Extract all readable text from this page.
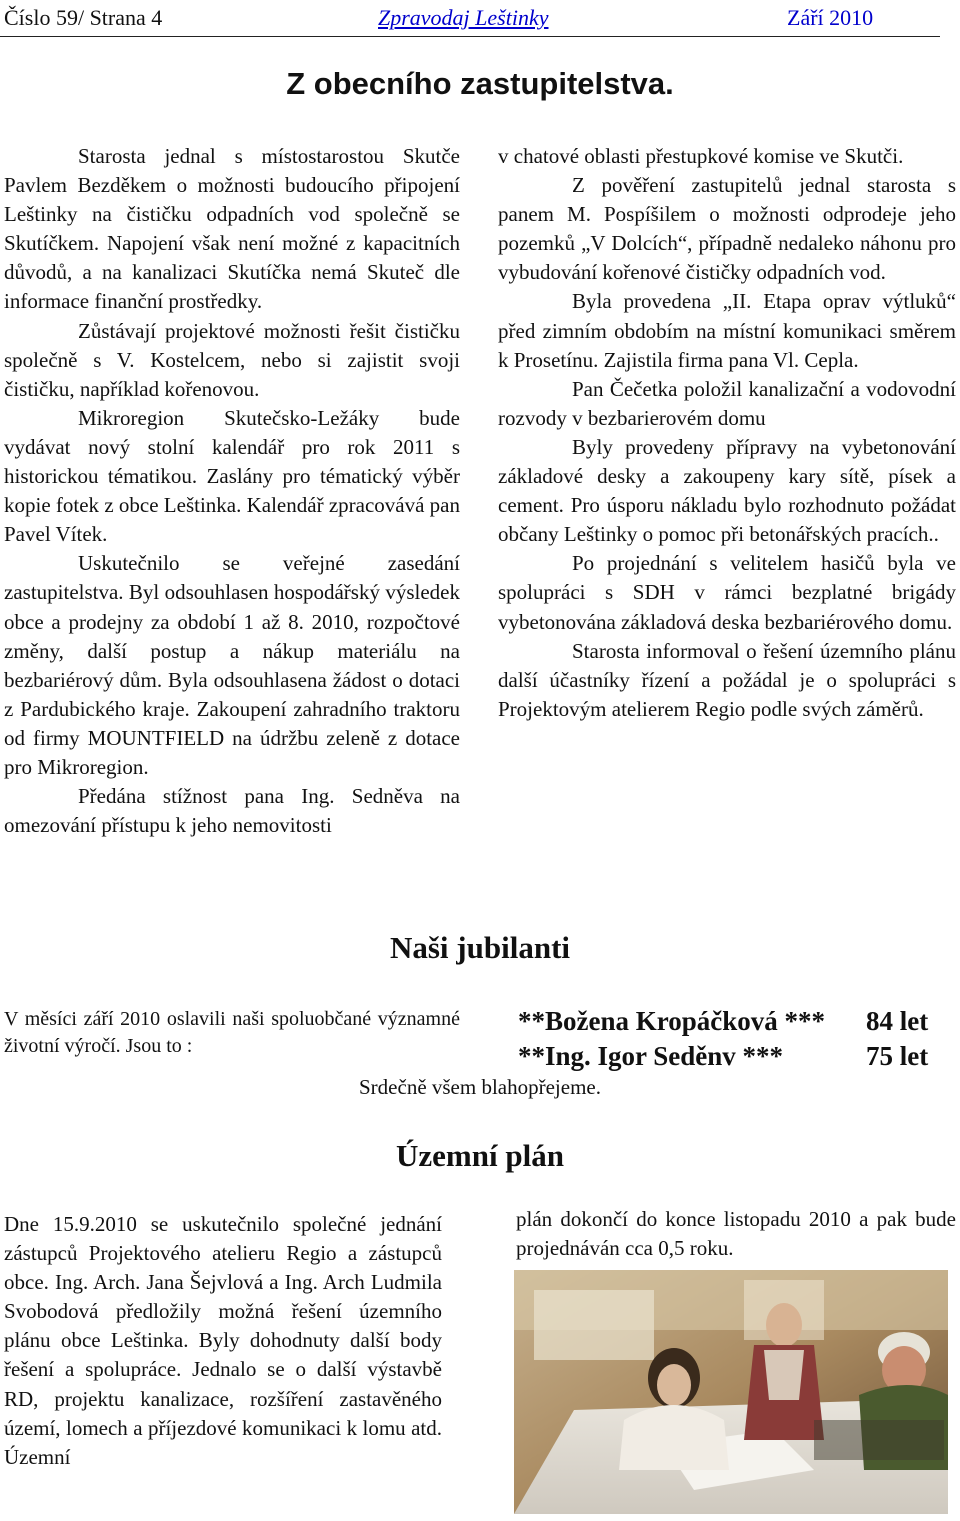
Číslo 59/ Strana 4	Zpravodaj Leštinky	Září 2010
Z obecního zastupitelstva.

Starosta jednal s místostarostou Skutče Pavlem Bezděkem o možnosti budoucího připojení Leštinky na čističku odpadních vod společně se Skutíčkem. Napojení však není možné z kapacitních důvodů, a na kanalizaci Skutíčka nemá Skuteč dle informace finanční prostředky.

Zůstávají projektové možnosti řešit čističku společně s V. Kostelcem, nebo si zajistit svoji čističku, například kořenovou.

Mikroregion Skutečsko-Ležáky bude vydávat nový stolní kalendář pro rok 2011 s historickou tématikou. Zaslány pro tématický výběr kopie fotek z obce Leštinka. Kalendář zpracovává pan Pavel Vítek.

Uskutečnilo se veřejné zasedání zastupitelstva. Byl odsouhlasen hospodářský výsledek obce a prodejny za období 1 až 8. 2010, rozpočtové změny, další postup a nákup materiálu na bezbariérový dům. Byla odsouhlasena žádost o dotaci z Pardubického kraje. Zakoupení zahradního traktoru od firmy MOUNTFIELD na údržbu zeleně z dotace pro Mikroregion.

Předána stížnost pana Ing. Sedněva na omezování přístupu k jeho nemovitosti

v chatové oblasti přestupkové komise ve Skutči.

Z pověření zastupitelů jednal starosta s panem M. Pospíšilem o možnosti odprodeje jeho pozemků „V Dolcích“, případně nedaleko náhonu pro vybudování kořenové čističky odpadních vod.

Byla provedena „II. Etapa oprav výtluků“ před zimním obdobím na místní komunikaci směrem k Prosetínu. Zajistila firma pana Vl. Cepla.

Pan Čečetka položil kanalizační a vodovodní rozvody v bezbarierovém domu

Byly provedeny přípravy na vybetonování základové desky a zakoupeny kary sítě, písek a cement. Pro úsporu nákladu bylo rozhodnuto požádat občany Leštinky o pomoc při betonářských pracích..

Po projednání s velitelem hasičů byla ve spolupráci s SDH v rámci bezplatné brigády vybetonována základová deska bezbariérového domu.

Starosta informoval o řešení územního plánu další účastníky řízení a požádal je o spolupráci s Projektovým atelierem Regio podle svých záměrů.

Naši jubilanti

V měsíci září 2010 oslavili naši spoluobčané významné životní výročí. Jsou to :

**Božena Kropáčková *** 84 let
**Ing. Igor Seděnv ***	75 let
Srdečně všem blahopřejeme.
Územní plán

Dne 15.9.2010 se uskutečnilo společné jednání zástupců Projektového atelieru Regio a zástupců obce. Ing. Arch. Jana Šejvlová a Ing. Arch Ludmila Svobodová předložily možná řešení územního plánu obce Leštinka. Byly dohodnuty další body řešení a spolupráce. Jednalo se o další výstavbě RD, projektu kanalizace, rozšíření zastavěného území, lomech a příjezdové komunikaci k lomu atd. Územní

plán dokončí do konce listopadu 2010 a pak bude projednáván cca 0,5 roku.
